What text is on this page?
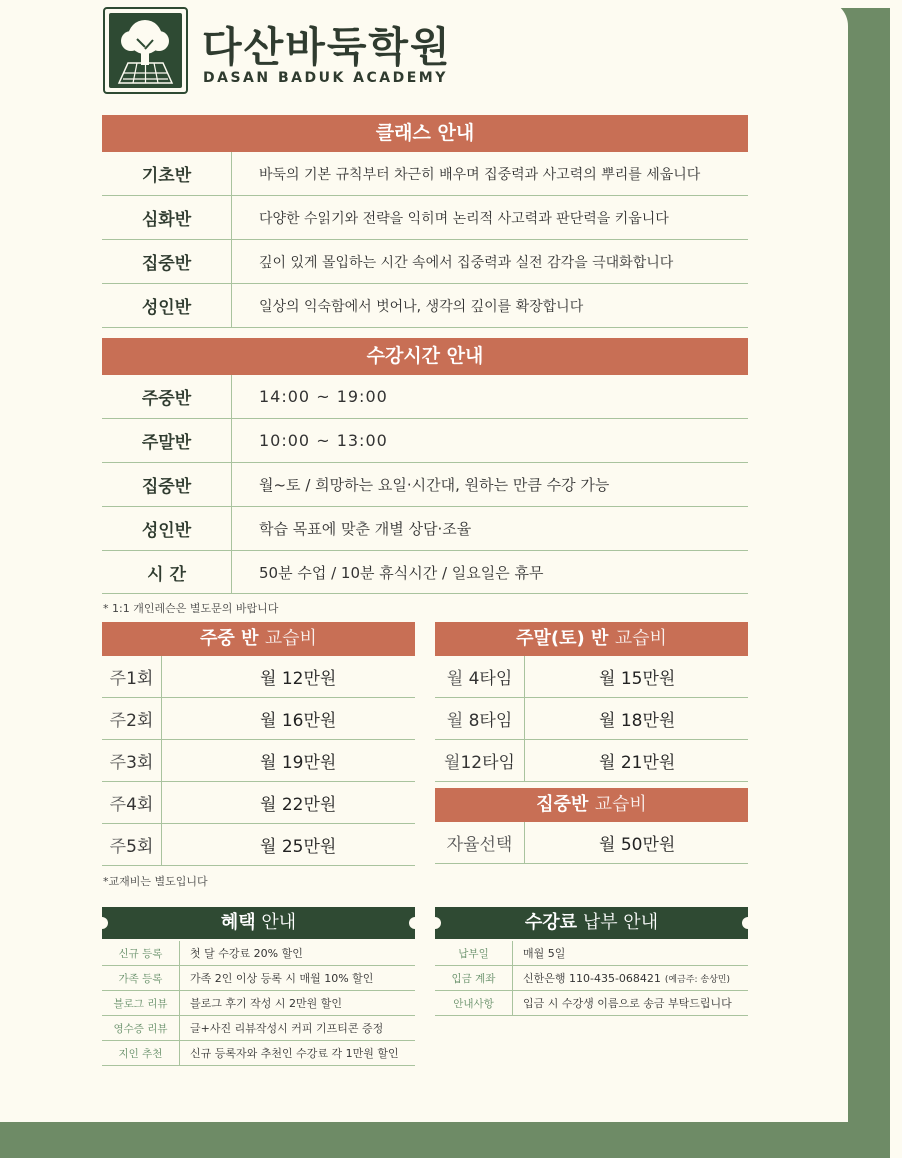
다산바둑학원
DASAN BADUK ACADEMY
클래스 안내
기초반	바둑의 기본 규칙부터 차근히 배우며 집중력과 사고력의 뿌리를 세웁니다
심화반	다양한 수읽기와 전략을 익히며 논리적 사고력과 판단력을 키웁니다
집중반	깊이 있게 몰입하는 시간 속에서 집중력과 실전 감각을 극대화합니다
성인반	일상의 익숙함에서 벗어나, 생각의 깊이를 확장합니다
수강시간 안내
주중반	14:00 ~ 19:00
주말반	10:00 ~ 13:00
집중반	월~토 / 희망하는 요일·시간대, 원하는 만큼 수강 가능
성인반	학습 목표에 맞춘 개별 상담·조율
시 간	50분 수업 / 10분 휴식시간 / 일요일은 휴무
* 1:1 개인레슨은 별도문의 바랍니다
주중 반 교습비
주 1회	월 12만원
주 2회	월 16만원
주 3회	월 19만원
주 4회	월 22만원
주 5회	월 25만원
주말(토) 반 교습비
월 4타임	월 15만원
월 8타임	월 18만원
월 12타임	월 21만원
집중반 교습비
자율선택	월 50만원
*교재비는 별도입니다
혜택 안내
신규 등록	첫 달 수강료 20% 할인
가족 등록	가족 2인 이상 등록 시 매월 10% 할인
블로그 리뷰	블로그 후기 작성 시 2만원 할인
영수증 리뷰	글+사진 리뷰작성시 커피 기프티콘 증정
지인 추천	신규 등록자와 추천인 수강료 각 1만원 할인
수강료 납부 안내
납부일	매월 5일
입금 계좌	신한은행 110-435-068421 (예금주: 송상민)
안내사항	입금 시 수강생 이름으로 송금 부탁드립니다
